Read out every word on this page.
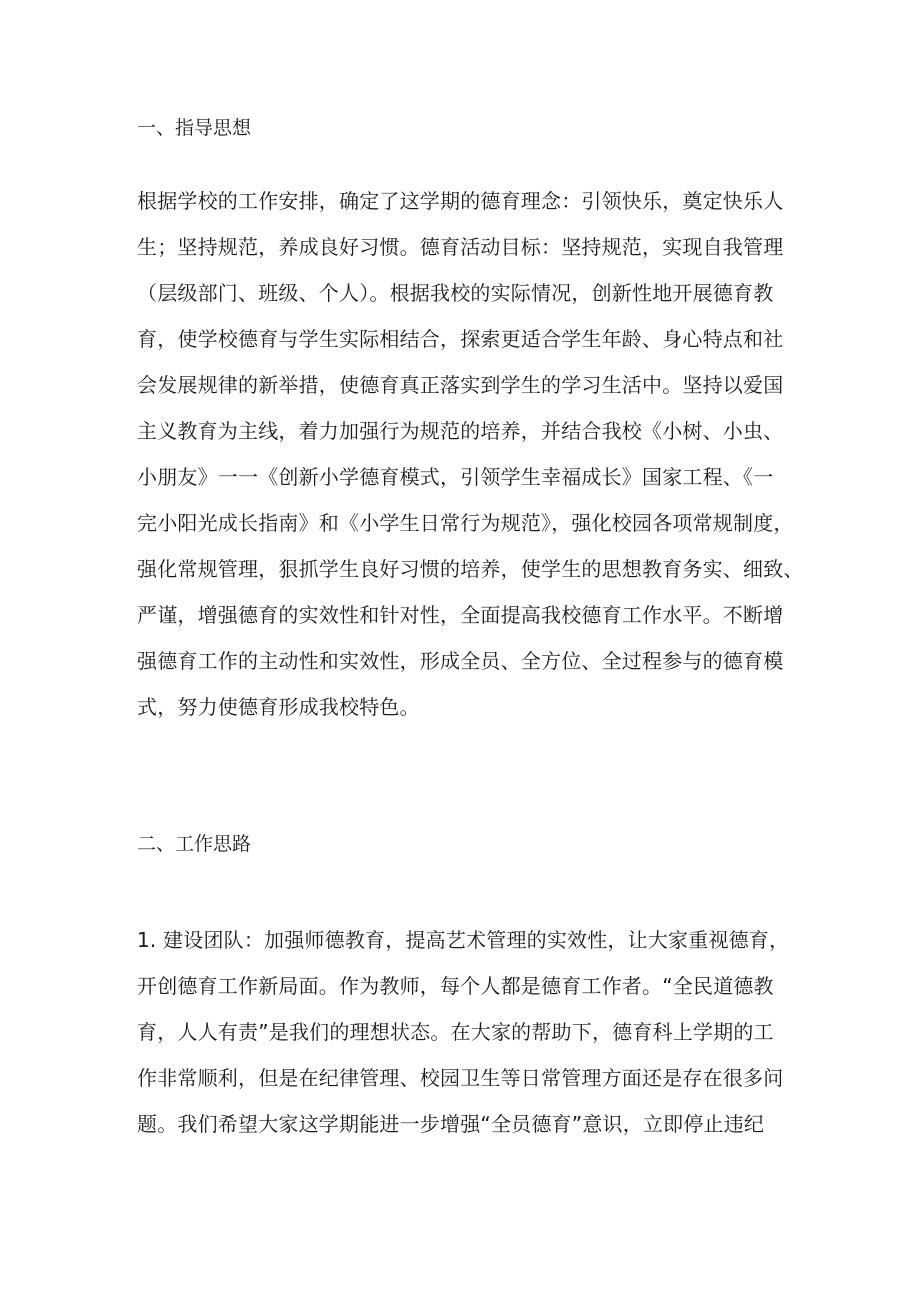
一、指导思想
根据学校的工作安排，确定了这学期的德育理念：引领快乐，奠定快乐人
生；坚持规范，养成良好习惯。德育活动目标：坚持规范，实现自我管理
（层级部门、班级、个人）。根据我校的实际情况，创新性地开展德育教
育，使学校德育与学生实际相结合，探索更适合学生年龄、身心特点和社
会发展规律的新举措，使德育真正落实到学生的学习生活中。坚持以爱国
主义教育为主线，着力加强行为规范的培养，并结合我校《小树、小虫、
小朋友》一一《创新小学德育模式，引领学生幸福成长》国家工程、《一
完小阳光成长指南》和《小学生日常行为规范》，强化校园各项常规制度，
强化常规管理，狠抓学生良好习惯的培养，使学生的思想教育务实、细致、
严谨，增强德育的实效性和针对性，全面提高我校德育工作水平。不断增
强德育工作的主动性和实效性，形成全员、全方位、全过程参与的德育模
式，努力使德育形成我校特色。
二、工作思路
1. 建设团队：加强师德教育，提高艺术管理的实效性，让大家重视德育，
开创德育工作新局面。作为教师，每个人都是德育工作者。“全民道德教
育，人人有责”是我们的理想状态。在大家的帮助下，德育科上学期的工
作非常顺利，但是在纪律管理、校园卫生等日常管理方面还是存在很多问
题。我们希望大家这学期能进一步增强“全员德育”意识，立即停止违纪
